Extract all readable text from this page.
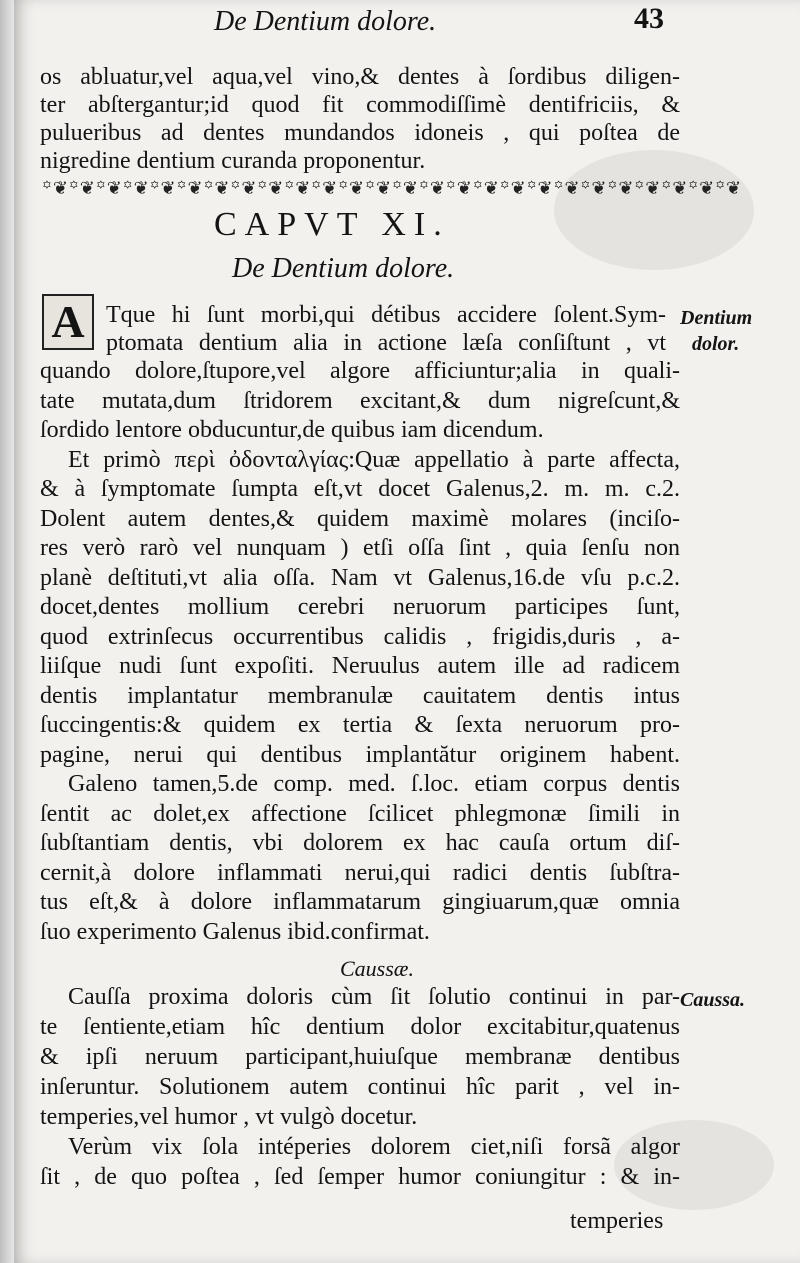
De Dentium dolore.	43
os abluatur,vel aqua,vel vino,& dentes à ſordibus diligen-
ter abſtergantur;id quod fit commodiſſimè dentifriciis, &
pulueribus ad dentes mundandos idoneis , qui poſtea de
nigredine dentium curanda proponentur.
꙳❦꙳❦꙳❦꙳❦꙳❦꙳❦꙳❦꙳❦꙳❦꙳❦꙳❦꙳❦꙳❦꙳❦꙳❦꙳❦꙳❦꙳❦꙳❦꙳❦꙳❦꙳❦꙳❦꙳❦꙳❦꙳❦
CAPVT XI.
De Dentium dolore.
A Tque hi ſunt morbi,qui détibus accidere ſolent.Sym-
ptomata dentium alia in actione læſa conſiſtunt , vt
Dentium
dolor.
quando dolore,ſtupore,vel algore afficiuntur;alia in quali-
tate mutata,dum ſtridorem excitant,& dum nigreſcunt,&
ſordido lentore obducuntur,de quibus iam dicendum.
Et primò περὶ ὀδονταλγίας:Quæ appellatio à parte affecta,
& à ſymptomate ſumpta eſt,vt docet Galenus,2. m. m. c.2.
Dolent autem dentes,& quidem maximè molares (inciſo-
res verò rarò vel nunquam ) etſi oſſa ſint , quia ſenſu non
planè deſtituti,vt alia oſſa. Nam vt Galenus,16.de vſu p.c.2.
docet,dentes mollium cerebri neruorum participes ſunt,
quod extrinſecus occurrentibus calidis , frigidis,duris , a-
liiſque nudi ſunt expoſiti. Neruulus autem ille ad radicem
dentis implantatur membranulæ cauitatem dentis intus
ſuccingentis:& quidem ex tertia & ſexta neruorum pro-
pagine, nerui qui dentibus implantătur originem habent.
Galeno tamen,5.de comp. med. ſ.loc. etiam corpus dentis
ſentit ac dolet,ex affectione ſcilicet phlegmonæ ſimili in
ſubſtantiam dentis, vbi dolorem ex hac cauſa ortum diſ-
cernit,à dolore inflammati nerui,qui radici dentis ſubſtra-
tus eſt,& à dolore inflammatarum gingiuarum,quæ omnia
ſuo experimento Galenus ibid.confirmat.
Caussæ.
Caussa.
Cauſſa proxima doloris cùm ſit ſolutio continui in par-
te ſentiente,etiam hîc dentium dolor excitabitur,quatenus
& ipſi neruum participant,huiuſque membranæ dentibus
inſeruntur. Solutionem autem continui hîc parit , vel in-
temperies,vel humor , vt vulgò docetur.
Verùm vix ſola intéperies dolorem ciet,niſi forsã algor
ſit , de quo poſtea , ſed ſemper humor coniungitur : & in-
temperies
